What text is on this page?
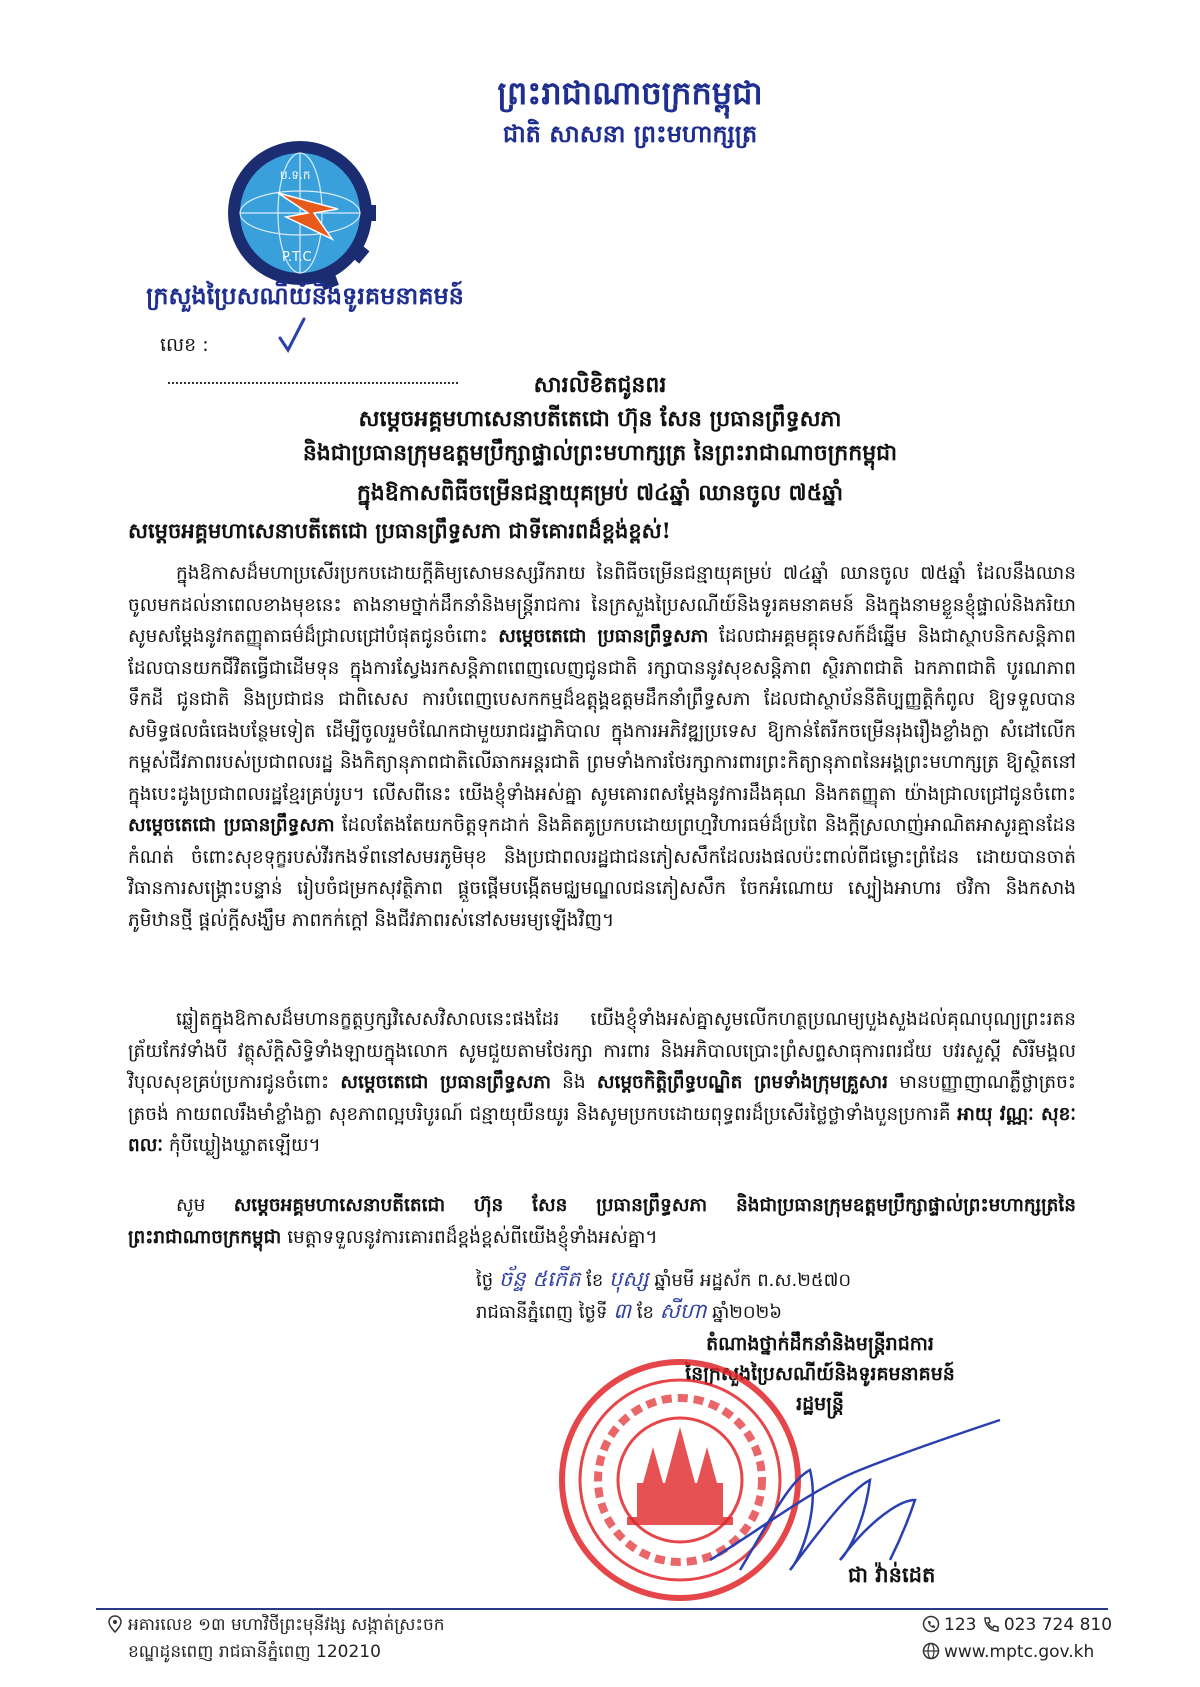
ព្រះរាជាណាចក្រកម្ពុជា
ជាតិ សាសនា ព្រះមហាក្សត្រ
ប.ទ.ក
P.T.C
ក្រសួងប្រៃសណីយ៍និងទូរគមនាគមន៍
លេខ :
សារលិខិតជូនពរ
សម្តេចអគ្គមហាសេនាបតីតេជោ ហ៊ុន សែន ប្រធានព្រឹទ្ធសភា
និងជាប្រធានក្រុមឧត្តមប្រឹក្សាផ្ទាល់ព្រះមហាក្សត្រ នៃព្រះរាជាណាចក្រកម្ពុជា
ក្នុងឱកាសពិធីចម្រើនជន្មាយុគម្រប់ ៧៤ឆ្នាំ ឈានចូល ៧៥ឆ្នាំ
សម្តេចអគ្គមហាសេនាបតីតេជោ ប្រធានព្រឹទ្ធសភា ជាទីគោរពដ៏ខ្ពង់ខ្ពស់!
ក្នុងឱកាសដ៏មហាប្រសើរប្រកបដោយក្តីគិម្យសោមនស្សរីករាយ នៃពិធីចម្រើនជន្មាយុគម្រប់ ៧៤ឆ្នាំ ឈានចូល ៧៥ឆ្នាំ ដែលនឹងឈានចូលមកដល់នាពេលខាងមុខនេះ តាងនាមថ្នាក់ដឹកនាំនិងមន្ត្រីរាជការ នៃក្រសួងប្រៃសណីយ៍និងទូរគមនាគមន៍ និងក្នុងនាមខ្លួនខ្ញុំផ្ទាល់និងភរិយា សូមសម្តែងនូវកតញ្ញុតាធម៌ដ៏ជ្រាលជ្រៅបំផុតជូនចំពោះ សម្តេចតេជោ ប្រធានព្រឹទ្ធសភា ដែលជាអគ្គមគ្គុទេសក៍ដ៏ឆ្នើម និងជាស្ថាបនិកសន្តិភាព ដែលបានយកជីវិតធ្វើជាដើមទុន ក្នុងការស្វែងរកសន្តិភាពពេញលេញជូនជាតិ រក្សាបាននូវសុខសន្តិភាព ស្ថិរភាពជាតិ ឯកភាពជាតិ បូរណភាពទឹកដី ជូនជាតិ និងប្រជាជន ជាពិសេស ការបំពេញបេសកកម្មដ៏ឧត្តុង្គឧត្តមដឹកនាំព្រឹទ្ធសភា ដែលជាស្ថាប័ននីតិប្បញ្ញត្តិកំពូល ឱ្យទទួលបានសមិទ្ធផលធំធេងបន្ថែមទៀត ដើម្បីចូលរួមចំណែកជាមួយរាជរដ្ឋាភិបាល ក្នុងការអភិវឌ្ឍប្រទេស ឱ្យកាន់តែរីកចម្រើនរុងរឿងខ្លាំងក្លា សំដៅលើកកម្ពស់ជីវភាពរបស់ប្រជាពលរដ្ឋ និងកិត្យានុភាពជាតិលើឆាកអន្តរជាតិ ព្រមទាំងការថែរក្សាការពារព្រះកិត្យានុភាពនៃអង្គព្រះមហាក្សត្រ ឱ្យស្ថិតនៅក្នុងបេះដូងប្រជាពលរដ្ឋខ្មែរគ្រប់រូប។ លើសពីនេះ យើងខ្ញុំទាំងអស់គ្នា សូមគោរពសម្តែងនូវការដឹងគុណ និងកតញ្ញុតា យ៉ាងជ្រាលជ្រៅជូនចំពោះ សម្តេចតេជោ ប្រធានព្រឹទ្ធសភា ដែលតែងតែយកចិត្តទុកដាក់ និងគិតគូប្រកបដោយព្រហ្មវិហារធម៌ដ៏ប្រពៃ និងក្តីស្រលាញ់អាណិតអាសូរគ្មានដែនកំណត់ ចំពោះសុខទុក្ខរបស់វីរកងទ័ពនៅសមរភូមិមុខ និងប្រជាពលរដ្ឋជាជនភៀសសឹកដែលរងផលប៉ះពាល់ពីជម្លោះព្រំដែន ដោយបានចាត់វិធានការសង្គ្រោះបន្ទាន់ រៀបចំជម្រកសុវត្ថិភាព ផ្តួចផ្តើមបង្កើតមជ្ឈមណ្ឌលជនភៀសសឹក ចែកអំណោយ ស្បៀងអាហារ ថវិកា និងកសាងភូមិឋានថ្មី ផ្តល់ក្តីសង្ឃឹម ភាពកក់ក្តៅ និងជីវភាពរស់នៅសមរម្យឡើងវិញ។
ឆ្លៀតក្នុងឱកាសដ៏មហានក្ខត្តឫក្សវិសេសវិសាលនេះផងដែរ យើងខ្ញុំទាំងអស់គ្នាសូមលើកហត្ថប្រណម្យបួងសួងដល់គុណបុណ្យព្រះរតនត្រ័យកែវទាំងបី វត្ថុស័ក្តិសិទ្ធិទាំងឡាយក្នុងលោក សូមជួយតាមថែរក្សា ការពារ និងអភិបាលប្រោះព្រំសព្ទសាធុការពរជ័យ បវរសួស្តី សិរីមង្គលវិបុលសុខគ្រប់ប្រការជូនចំពោះ សម្តេចតេជោ ប្រធានព្រឹទ្ធសភា និង សម្តេចកិត្តិព្រឹទ្ធបណ្ឌិត ព្រមទាំងក្រុមគ្រួសារ មានបញ្ញាញាណភ្លឺថ្លាត្រចះត្រចង់ កាយពលរឹងមាំខ្លាំងក្លា សុខភាពល្អបរិបូរណ៍ ជន្មាយុយឺនយូរ និងសូមប្រកបដោយពុទ្ធពរដ៏ប្រសើរថ្លៃថ្លាទាំងបួនប្រការគឺ អាយុ វណ្ណៈ សុខៈ ពលៈ កុំបីឃ្លៀងឃ្លាតឡើយ។
សូម សម្តេចអគ្គមហាសេនាបតីតេជោ ហ៊ុន សែន ប្រធានព្រឹទ្ធសភា និងជាប្រធានក្រុមឧត្តមប្រឹក្សាផ្ទាល់ព្រះមហាក្សត្រនៃព្រះរាជាណាចក្រកម្ពុជា មេត្តាទទួលនូវការគោរពដ៏ខ្ពង់ខ្ពស់ពីយើងខ្ញុំទាំងអស់គ្នា។
ថ្ងៃ ច័ន្ទ ៥កើត ខែ បុស្ស ឆ្នាំមមី អដ្ឋស័ក ព.ស.២៥៧០
រាជធានីភ្នំពេញ ថ្ងៃទី ៣ ខែ សីហា ឆ្នាំ២០២៦
តំណាងថ្នាក់ដឹកនាំនិងមន្ត្រីរាជការ
នៃក្រសួងប្រៃសណីយ៍និងទូរគមនាគមន៍
រដ្ឋមន្ត្រី
ជា វ៉ាន់ដេត
អគារលេខ ១៣ មហាវិថីព្រះមុនីវង្ស សង្កាត់ស្រះចក
ខណ្ឌដូនពេញ រាជធានីភ្នំពេញ 120210
123 023 724 810
www.mptc.gov.kh
